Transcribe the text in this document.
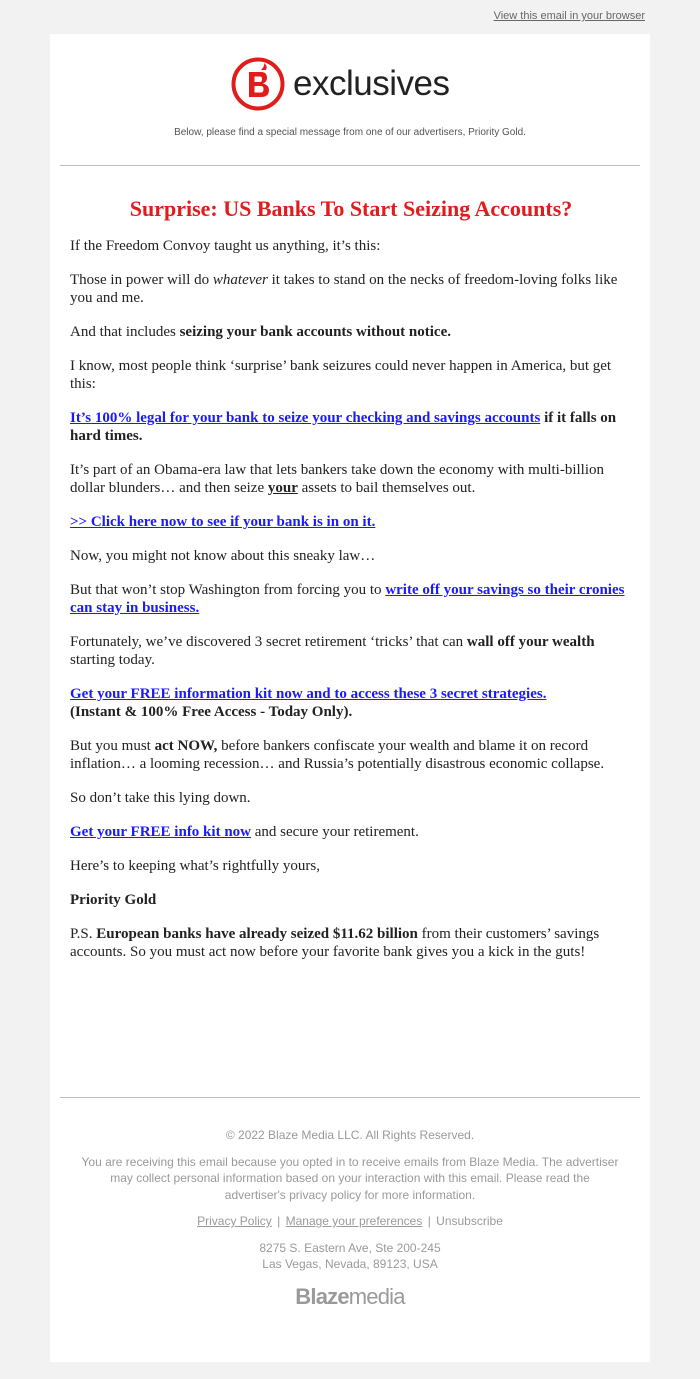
View this email in your browser
exclusives
Below, please find a special message from one of our advertisers, Priority Gold.
Surprise: US Banks To Start Seizing Accounts?

If the Freedom Convoy taught us anything, it’s this:

Those in power will do whatever it takes to stand on the necks of freedom-loving folks like you and me.

And that includes seizing your bank accounts without notice.

I know, most people think ‘surprise’ bank seizures could never happen in America, but get this:

It’s 100% legal for your bank to seize your checking and savings accounts if it falls on hard times.

It’s part of an Obama-era law that lets bankers take down the economy with multi-billion dollar blunders… and then seize your assets to bail themselves out.

>> Click here now to see if your bank is in on it.

Now, you might not know about this sneaky law…

But that won’t stop Washington from forcing you to write off your savings so their cronies can stay in business.

Fortunately, we’ve discovered 3 secret retirement ‘tricks’ that can wall off your wealth starting today.

Get your FREE information kit now and to access these 3 secret strategies.
(Instant & 100% Free Access - Today Only).

But you must act NOW, before bankers confiscate your wealth and blame it on record inflation… a looming recession… and Russia’s potentially disastrous economic collapse.

So don’t take this lying down.

Get your FREE info kit now and secure your retirement.

Here’s to keeping what’s rightfully yours,

Priority Gold

P.S. European banks have already seized $11.62 billion from their customers’ savings accounts. So you must act now before your favorite bank gives you a kick in the guts!

© 2022 Blaze Media LLC. All Rights Reserved.

You are receiving this email because you opted in to receive emails from Blaze Media. The advertiser may collect personal information based on your interaction with this email. Please read the advertiser's privacy policy for more information.

Privacy Policy | Manage your preferences | Unsubscribe

8275 S. Eastern Ave, Ste 200-245
Las Vegas, Nevada, 89123, USA
Blaze media
